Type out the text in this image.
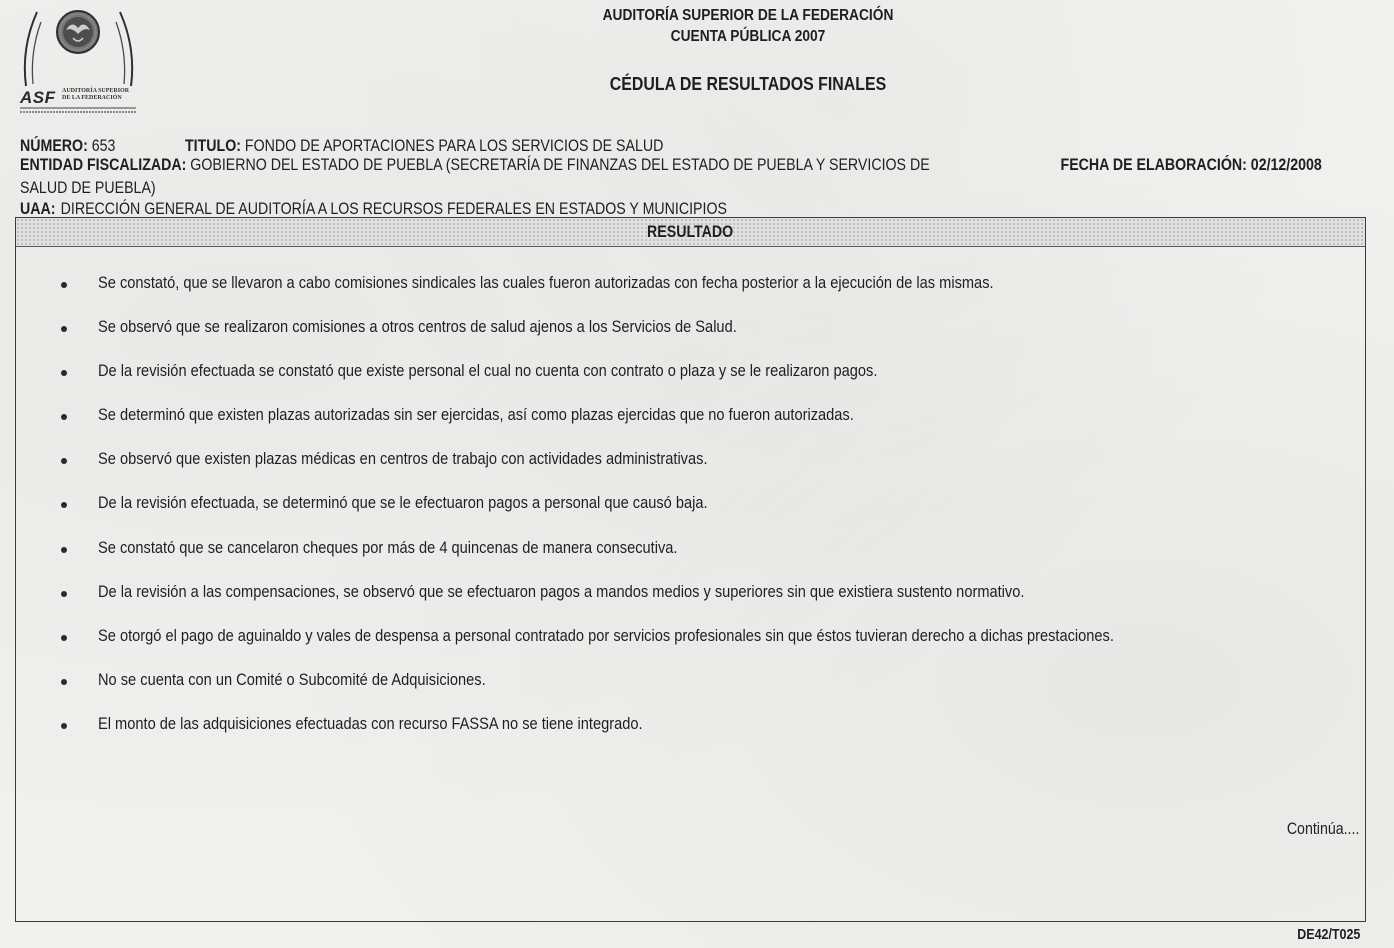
ASF AUDITORÍA SUPERIOR
DE LA FEDERACIÓN
AUDITORÍA SUPERIOR DE LA FEDERACIÓN
CUENTA PÚBLICA 2007
CÉDULA DE RESULTADOS FINALES
NÚMERO: 653	TITULO: FONDO DE APORTACIONES PARA LOS SERVICIOS DE SALUD
ENTIDAD FISCALIZADA: GOBIERNO DEL ESTADO DE PUEBLA (SECRETARÍA DE FINANZAS DEL ESTADO DE PUEBLA Y SERVICIOS DE	FECHA DE ELABORACIÓN: 02/12/2008
SALUD DE PUEBLA)
UAA: DIRECCIÓN GENERAL DE AUDITORÍA A LOS RECURSOS FEDERALES EN ESTADOS Y MUNICIPIOS
RESULTADO
Se constató, que se llevaron a cabo comisiones sindicales las cuales fueron autorizadas con fecha posterior a la ejecución de las mismas.
Se observó que se realizaron comisiones a otros centros de salud ajenos a los Servicios de Salud.
De la revisión efectuada se constató que existe personal el cual no cuenta con contrato o plaza y se le realizaron pagos.
Se determinó que existen plazas autorizadas sin ser ejercidas, así como plazas ejercidas que no fueron autorizadas.
Se observó que existen plazas médicas en centros de trabajo con actividades administrativas.
De la revisión efectuada, se determinó que se le efectuaron pagos a personal que causó baja.
Se constató que se cancelaron cheques por más de 4 quincenas de manera consecutiva.
De la revisión a las compensaciones, se observó que se efectuaron pagos a mandos medios y superiores sin que existiera sustento normativo.
Se otorgó el pago de aguinaldo y vales de despensa a personal contratado por servicios profesionales sin que éstos tuvieran derecho a dichas prestaciones.
No se cuenta con un Comité o Subcomité de Adquisiciones.
El monto de las adquisiciones efectuadas con recurso FASSA no se tiene integrado.
Continúa....
DE42/T025
